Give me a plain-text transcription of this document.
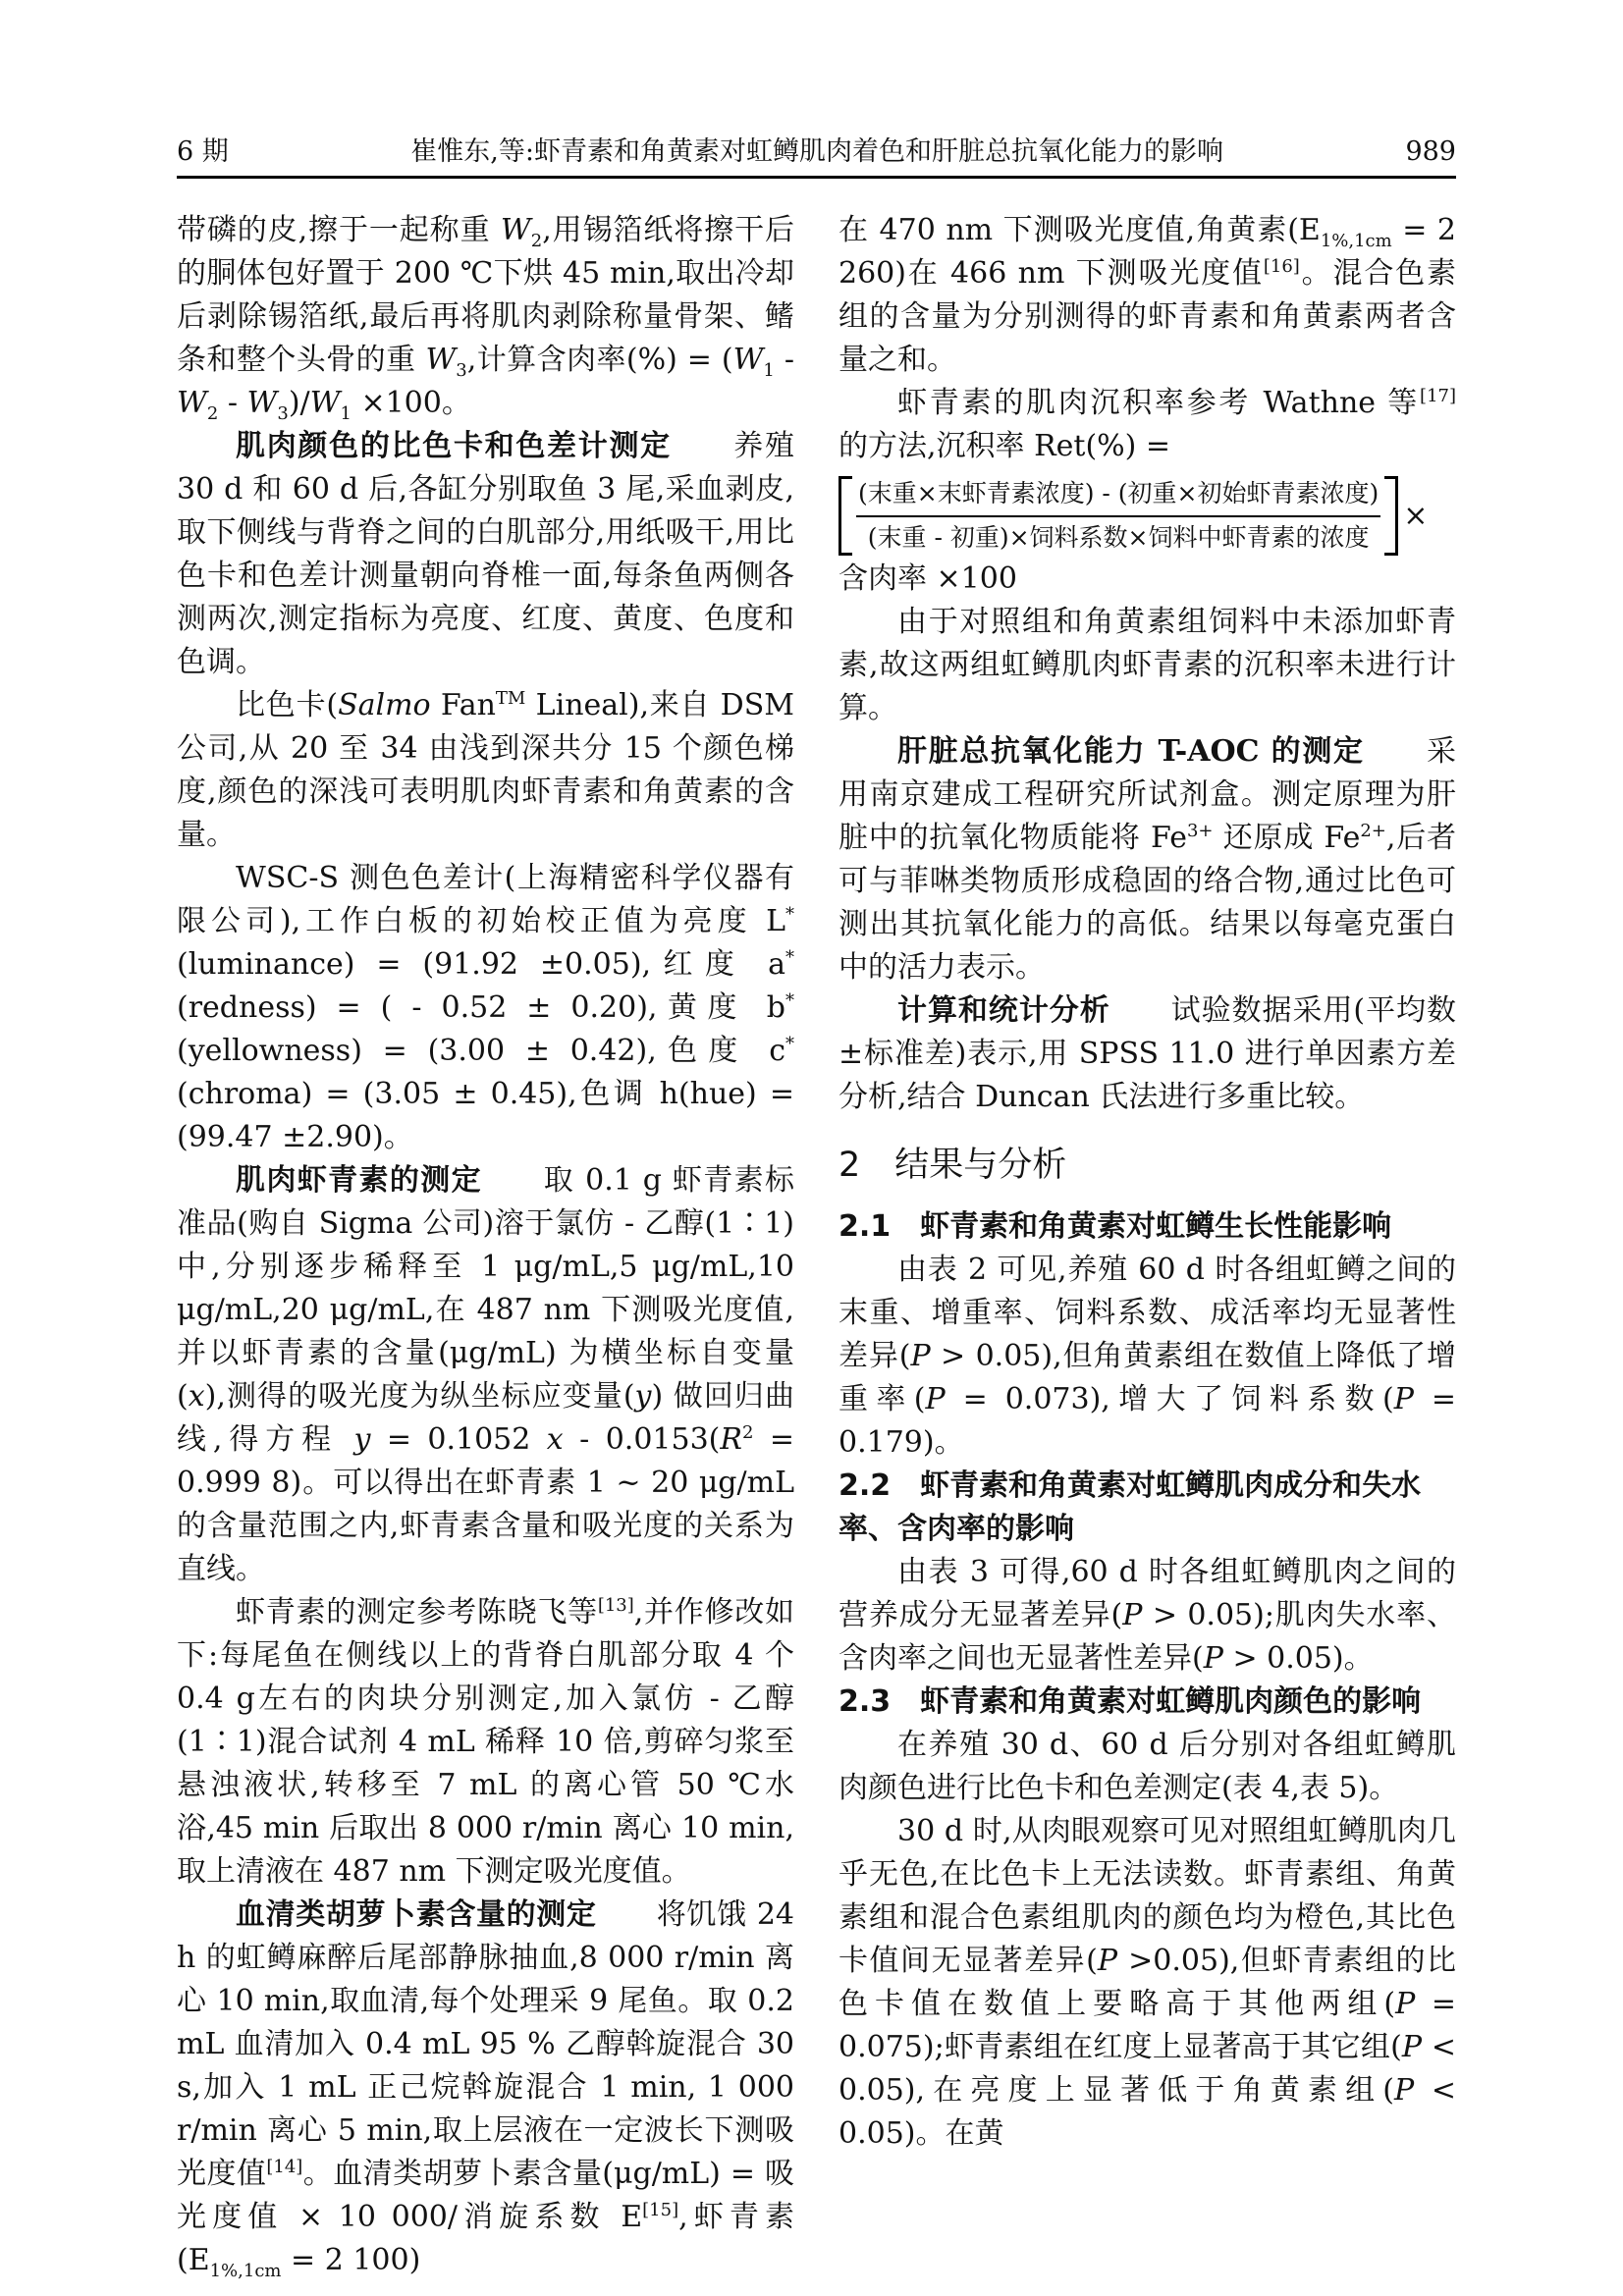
6 期	崔惟东,等:虾青素和角黄素对虹鳟肌肉着色和肝脏总抗氧化能力的影响	989
带磷的皮,擦于一起称重 $W_2$,用锡箔纸将擦干后的胴体包好置于 200 ℃下烘 45 min,取出冷却后剥除锡箔纸,最后再将肌肉剥除称量骨架、鳍条和整个头骨的重 $W_3$,计算含肉率(%) = $(W_1 - W_2 - W_3)/W_1 \times 100$。
肌肉颜色的比色卡和色差计测定　　养殖 30 d 和 60 d 后,各缸分别取鱼 3 尾,采血剥皮,取下侧线与背脊之间的白肌部分,用纸吸干,用比色卡和色差计测量朝向脊椎一面,每条鱼两侧各测两次,测定指标为亮度、红度、黄度、色度和色调。
比色卡(Salmo Fan™ Lineal),来自 DSM 公司,从 20 至 34 由浅到深共分 15 个颜色梯度,颜色的深浅可表明肌肉虾青素和角黄素的含量。
WSC-S 测色色差计(上海精密科学仪器有限公司),工作白板的初始校正值为亮度 L*(luminance) = (91.92 ±0.05),红度 a*(redness) = ( - 0.52 ± 0.20),黄度 b*(yellowness) = (3.00 ± 0.42),色度 c*(chroma) = (3.05 ± 0.45),色调 h(hue) = (99.47 ±2.90)。
肌肉虾青素的测定　　取 0.1 g 虾青素标准品(购自 Sigma 公司)溶于氯仿 - 乙醇(1∶1)中,分别逐步稀释至 1 μg/mL,5 μg/mL,10 μg/mL,20 μg/mL,在 487 nm 下测吸光度值,并以虾青素的含量(μg/mL) 为横坐标自变量(x),测得的吸光度为纵坐标应变量(y) 做回归曲线,得方程 y = 0.1052 $x - 0.0153(R^2 = 0.999$ 8)。可以得出在虾青素 1 ~ 20 μg/mL 的含量范围之内,虾青素含量和吸光度的关系为直线。
虾青素的测定参考陈晓飞等[13],并作修改如下:每尾鱼在侧线以上的背脊白肌部分取 4 个 0.4 g左右的肉块分别测定,加入氯仿 - 乙醇(1∶1)混合试剂 4 mL 稀释 10 倍,剪碎匀浆至悬浊液状,转移至 7 mL 的离心管 50 ℃水浴,45 min 后取出 8 000 r/min 离心 10 min,取上清液在 487 nm 下测定吸光度值。
血清类胡萝卜素含量的测定　　将饥饿 24 h 的虹鳟麻醉后尾部静脉抽血,8 000 r/min 离心 10 min,取血清,每个处理采 9 尾鱼。取 0.2 mL 血清加入 0.4 mL 95 % 乙醇斡旋混合 30 s,加入 1 mL 正己烷斡旋混合 1 min, 1 000 r/min 离心 5 min,取上层液在一定波长下测吸光度值[14]。血清类胡萝卜素含量(μg/mL) = 吸光度值 × 10 000/消旋系数 E[15],虾青素($E_{1\%,1cm} = 2$ 100)
在 470 nm 下测吸光度值,角黄素($E_{1\%,1cm} = 2$ 260)在 466 nm 下测吸光度值[16]。混合色素组的含量为分别测得的虾青素和角黄素两者含量之和。
虾青素的肌肉沉积率参考 Wathne 等[17] 的方法,沉积率 Ret(%) =
$\frac{\text{(末重×末虾青素浓度) - (初重×初始虾青素浓度)}}{\text{(末重 - 初重)×饲料系数×饲料中虾青素的浓度}}$ ×
含肉率 ×100
由于对照组和角黄素组饲料中未添加虾青素,故这两组虹鳟肌肉虾青素的沉积率未进行计算。
肝脏总抗氧化能力 T-AOC 的测定　　采用南京建成工程研究所试剂盒。测定原理为肝脏中的抗氧化物质能将 $Fe^{3+}$ 还原成 $Fe^{2+}$,后者可与菲啉类物质形成稳固的络合物,通过比色可测出其抗氧化能力的高低。结果以每毫克蛋白中的活力表示。
计算和统计分析　　试验数据采用(平均数 ±标准差)表示,用 SPSS 11.0 进行单因素方差分析,结合 Duncan 氏法进行多重比较。
2　结果与分析
2.1　虾青素和角黄素对虹鳟生长性能影响
由表 2 可见,养殖 60 d 时各组虹鳟之间的末重、增重率、饲料系数、成活率均无显著性差异(P > 0.05),但角黄素组在数值上降低了增重率(P = 0.073),增大了饲料系数(P = 0.179)。
2.2　虾青素和角黄素对虹鳟肌肉成分和失水率、含肉率的影响
由表 3 可得,60 d 时各组虹鳟肌肉之间的营养成分无显著差异(P > 0.05);肌肉失水率、含肉率之间也无显著性差异(P > 0.05)。
2.3　虾青素和角黄素对虹鳟肌肉颜色的影响
在养殖 30 d、60 d 后分别对各组虹鳟肌肉颜色进行比色卡和色差测定(表 4,表 5)。
30 d 时,从肉眼观察可见对照组虹鳟肌肉几乎无色,在比色卡上无法读数。虾青素组、角黄素组和混合色素组肌肉的颜色均为橙色,其比色卡值间无显著差异(P >0.05),但虾青素组的比色卡值在数值上要略高于其他两组(P = 0.075);虾青素组在红度上显著高于其它组(P < 0.05),在亮度上显著低于角黄素组(P < 0.05)。在黄
